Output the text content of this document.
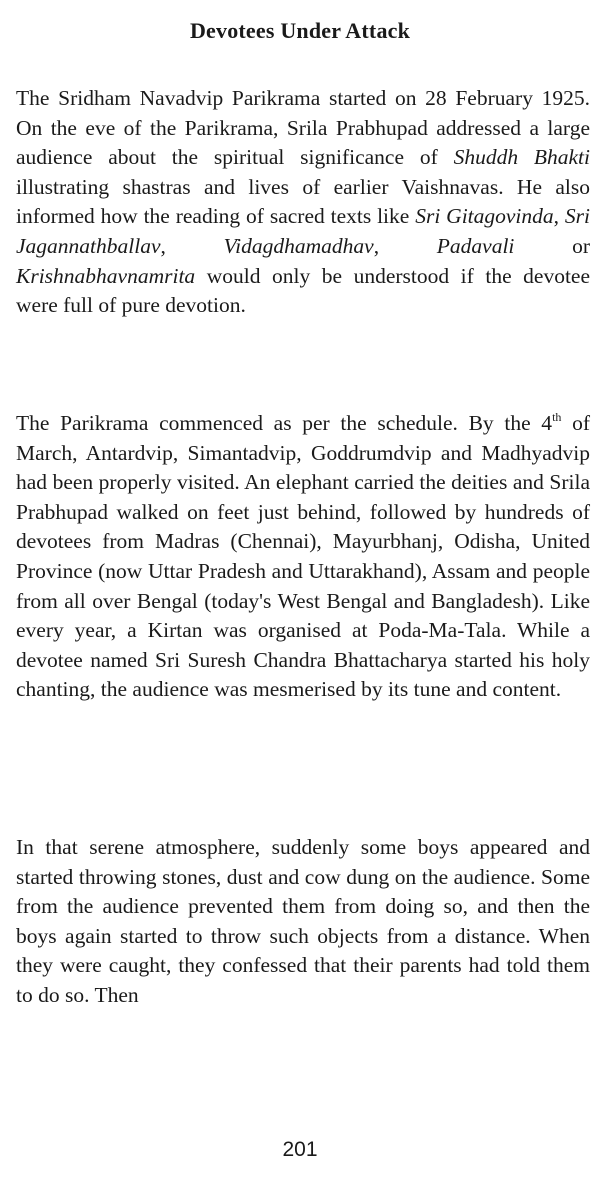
Devotees Under Attack

The Sridham Navadvip Parikrama started on 28 February 1925. On the eve of the Parikrama, Srila Prabhupad addressed a large audience about the spiritual significance of Shuddh Bhakti illustrating shastras and lives of earlier Vaishnavas. He also informed how the reading of sacred texts like Sri Gitagovinda, Sri Jagannathballav, Vidagdhamadhav, Padavali or Krishnabhavnamrita would only be understood if the devotee were full of pure devotion.

The Parikrama commenced as per the schedule. By the 4th of March, Antardvip, Simantadvip, Goddrumdvip and Madhyadvip had been properly visited. An elephant carried the deities and Srila Prabhupad walked on feet just behind, followed by hundreds of devotees from Madras (Chennai), Mayurbhanj, Odisha, United Province (now Uttar Pradesh and Uttarakhand), Assam and people from all over Bengal (today's West Bengal and Bangladesh). Like every year, a Kirtan was organised at Poda-Ma-Tala. While a devotee named Sri Suresh Chandra Bhattacharya started his holy chanting, the audience was mesmerised by its tune and content.

In that serene atmosphere, suddenly some boys appeared and started throwing stones, dust and cow dung on the audience. Some from the audience prevented them from doing so, and then the boys again started to throw such objects from a distance. When they were caught, they confessed that their parents had told them to do so. Then

201
